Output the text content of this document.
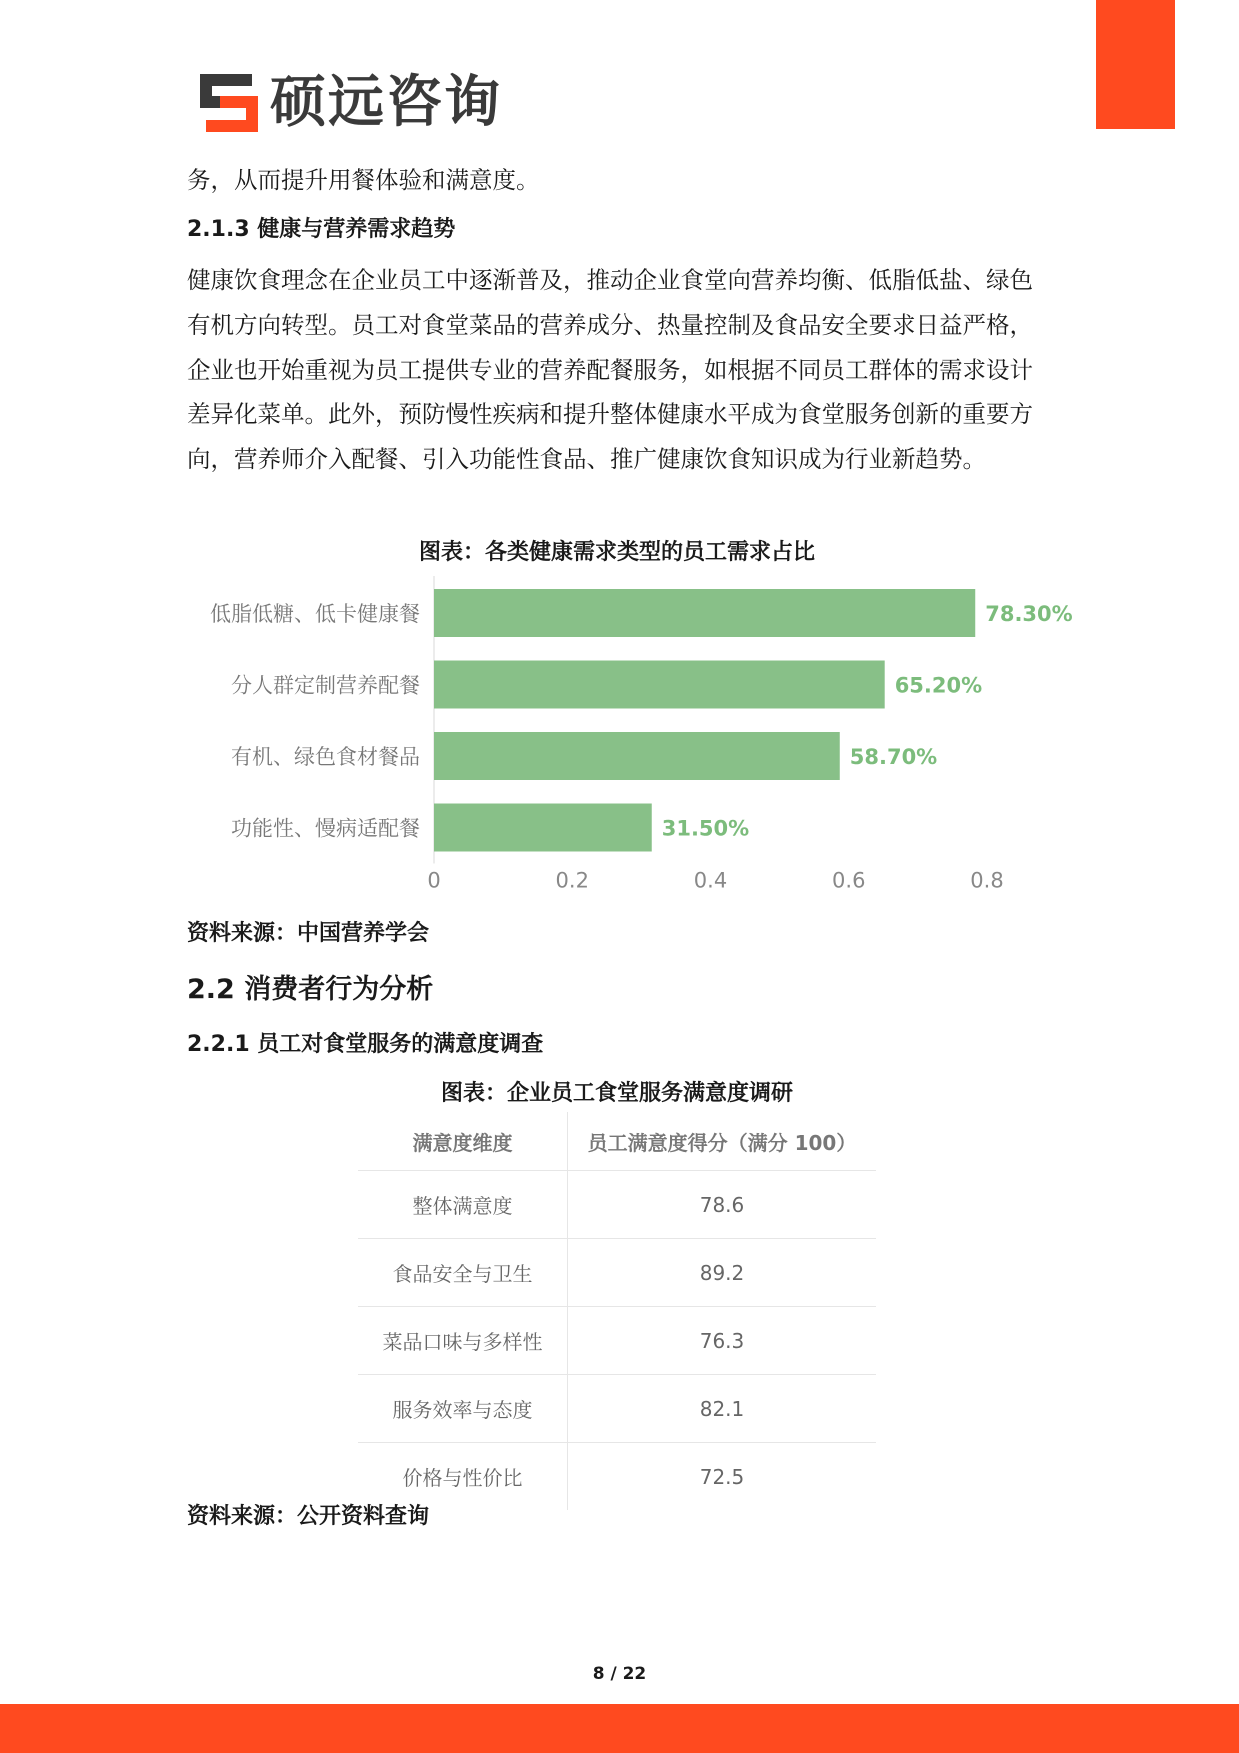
硕远咨询

务，从而提升用餐体验和满意度。

2.1.3 健康与营养需求趋势

健康饮食理念在企业员工中逐渐普及，推动企业食堂向营养均衡、低脂低盐、绿色有机方向转型。员工对食堂菜品的营养成分、热量控制及食品安全要求日益严格，企业也开始重视为员工提供专业的营养配餐服务，如根据不同员工群体的需求设计差异化菜单。此外，预防慢性疾病和提升整体健康水平成为食堂服务创新的重要方向，营养师介入配餐、引入功能性食品、推广健康饮食知识成为行业新趋势。

图表：各类健康需求类型的员工需求占比

低脂低糖、低卡健康餐	78.30%
分人群定制营养配餐	65.20%
有机、绿色食材餐品	58.70%
功能性、慢病适配餐	31.50%
0	0.2	0.4	0.6	0.8

资料来源：中国营养学会

2.2 消费者行为分析

2.2.1 员工对食堂服务的满意度调查

图表：企业员工食堂服务满意度调研

满意度维度	员工满意度得分（满分 100）
整体满意度	78.6
食品安全与卫生	89.2
菜品口味与多样性	76.3
服务效率与态度	82.1
价格与性价比	72.5

资料来源：公开资料查询

8 / 22
